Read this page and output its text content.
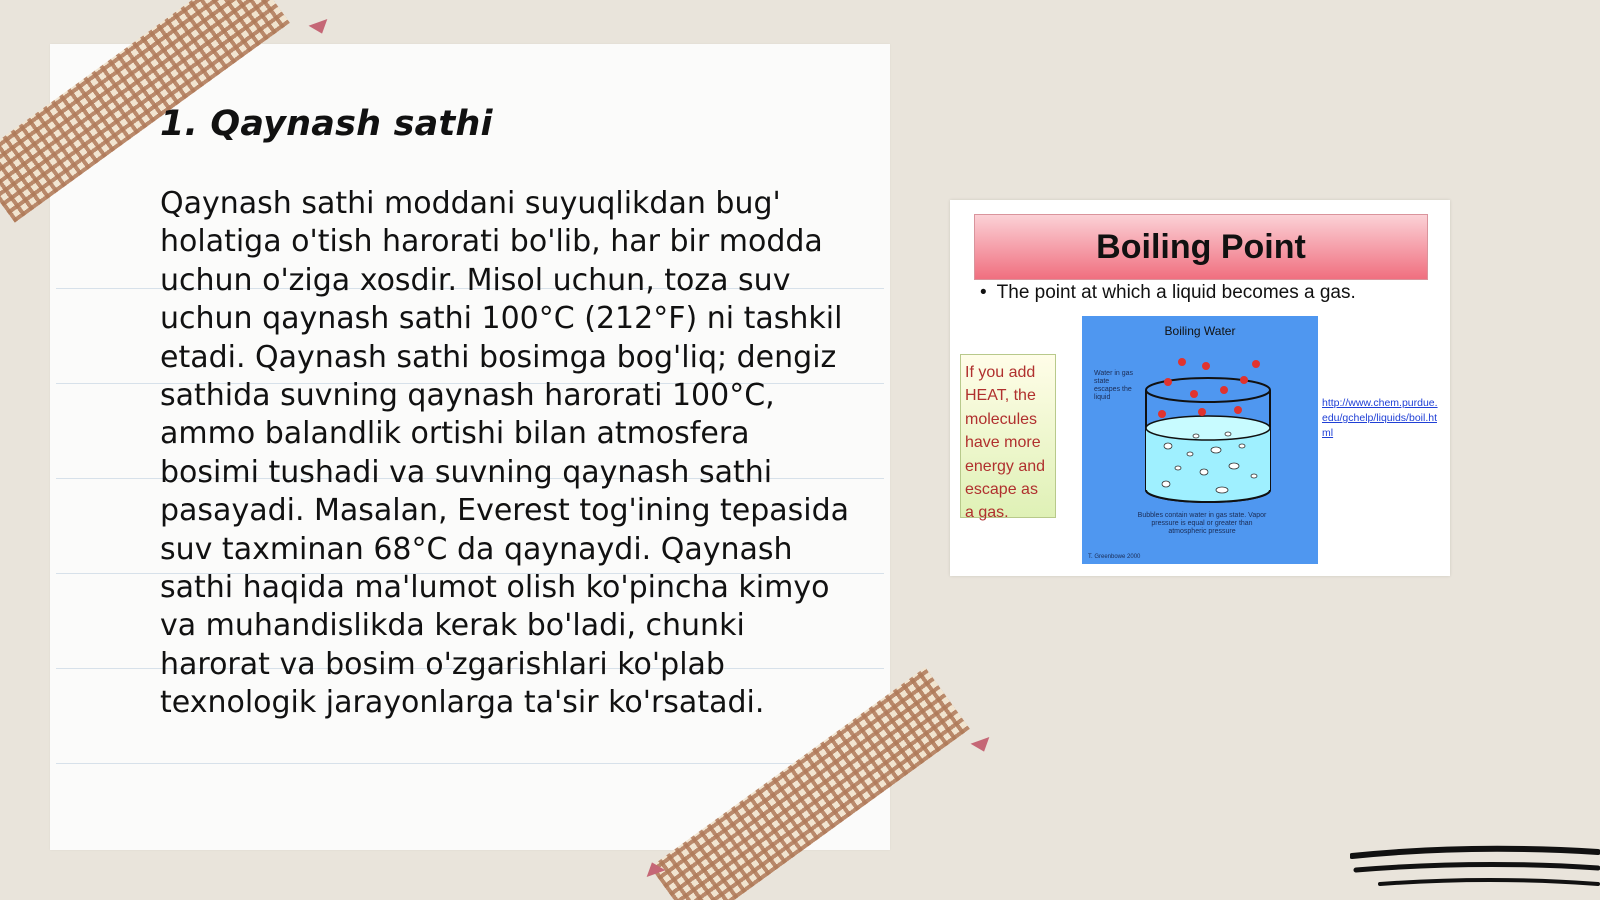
1. Qaynash sathi

Qaynash sathi moddani suyuqlikdan bug' holatiga o'tish harorati bo'lib, har bir modda uchun o'ziga xosdir. Misol uchun, toza suv uchun qaynash sathi 100°C (212°F) ni tashkil etadi. Qaynash sathi bosimga bog'liq; dengiz sathida suvning qaynash harorati 100°C, ammo balandlik ortishi bilan atmosfera bosimi tushadi va suvning qaynash sathi pasayadi. Masalan, Everest tog'ining tepasida suv taxminan 68°C da qaynaydi. Qaynash sathi haqida ma'lumot olish ko'pincha kimyo va muhandislikda kerak bo'ladi, chunki harorat va bosim o'zgarishlari ko'plab texnologik jarayonlarga ta'sir ko'rsatadi.

Boiling Point
• The point at which a liquid becomes a gas.
If you add HEAT, the molecules have more energy and escape as a gas.
Boiling Water
Water in gas state escapes the liquid
Bubbles contain water in gas state. Vapor pressure is equal or greater than atmospheric pressure
T. Greenbowe 2000
http://www.chem.purdue.edu/gchelp/liquids/boil.html
